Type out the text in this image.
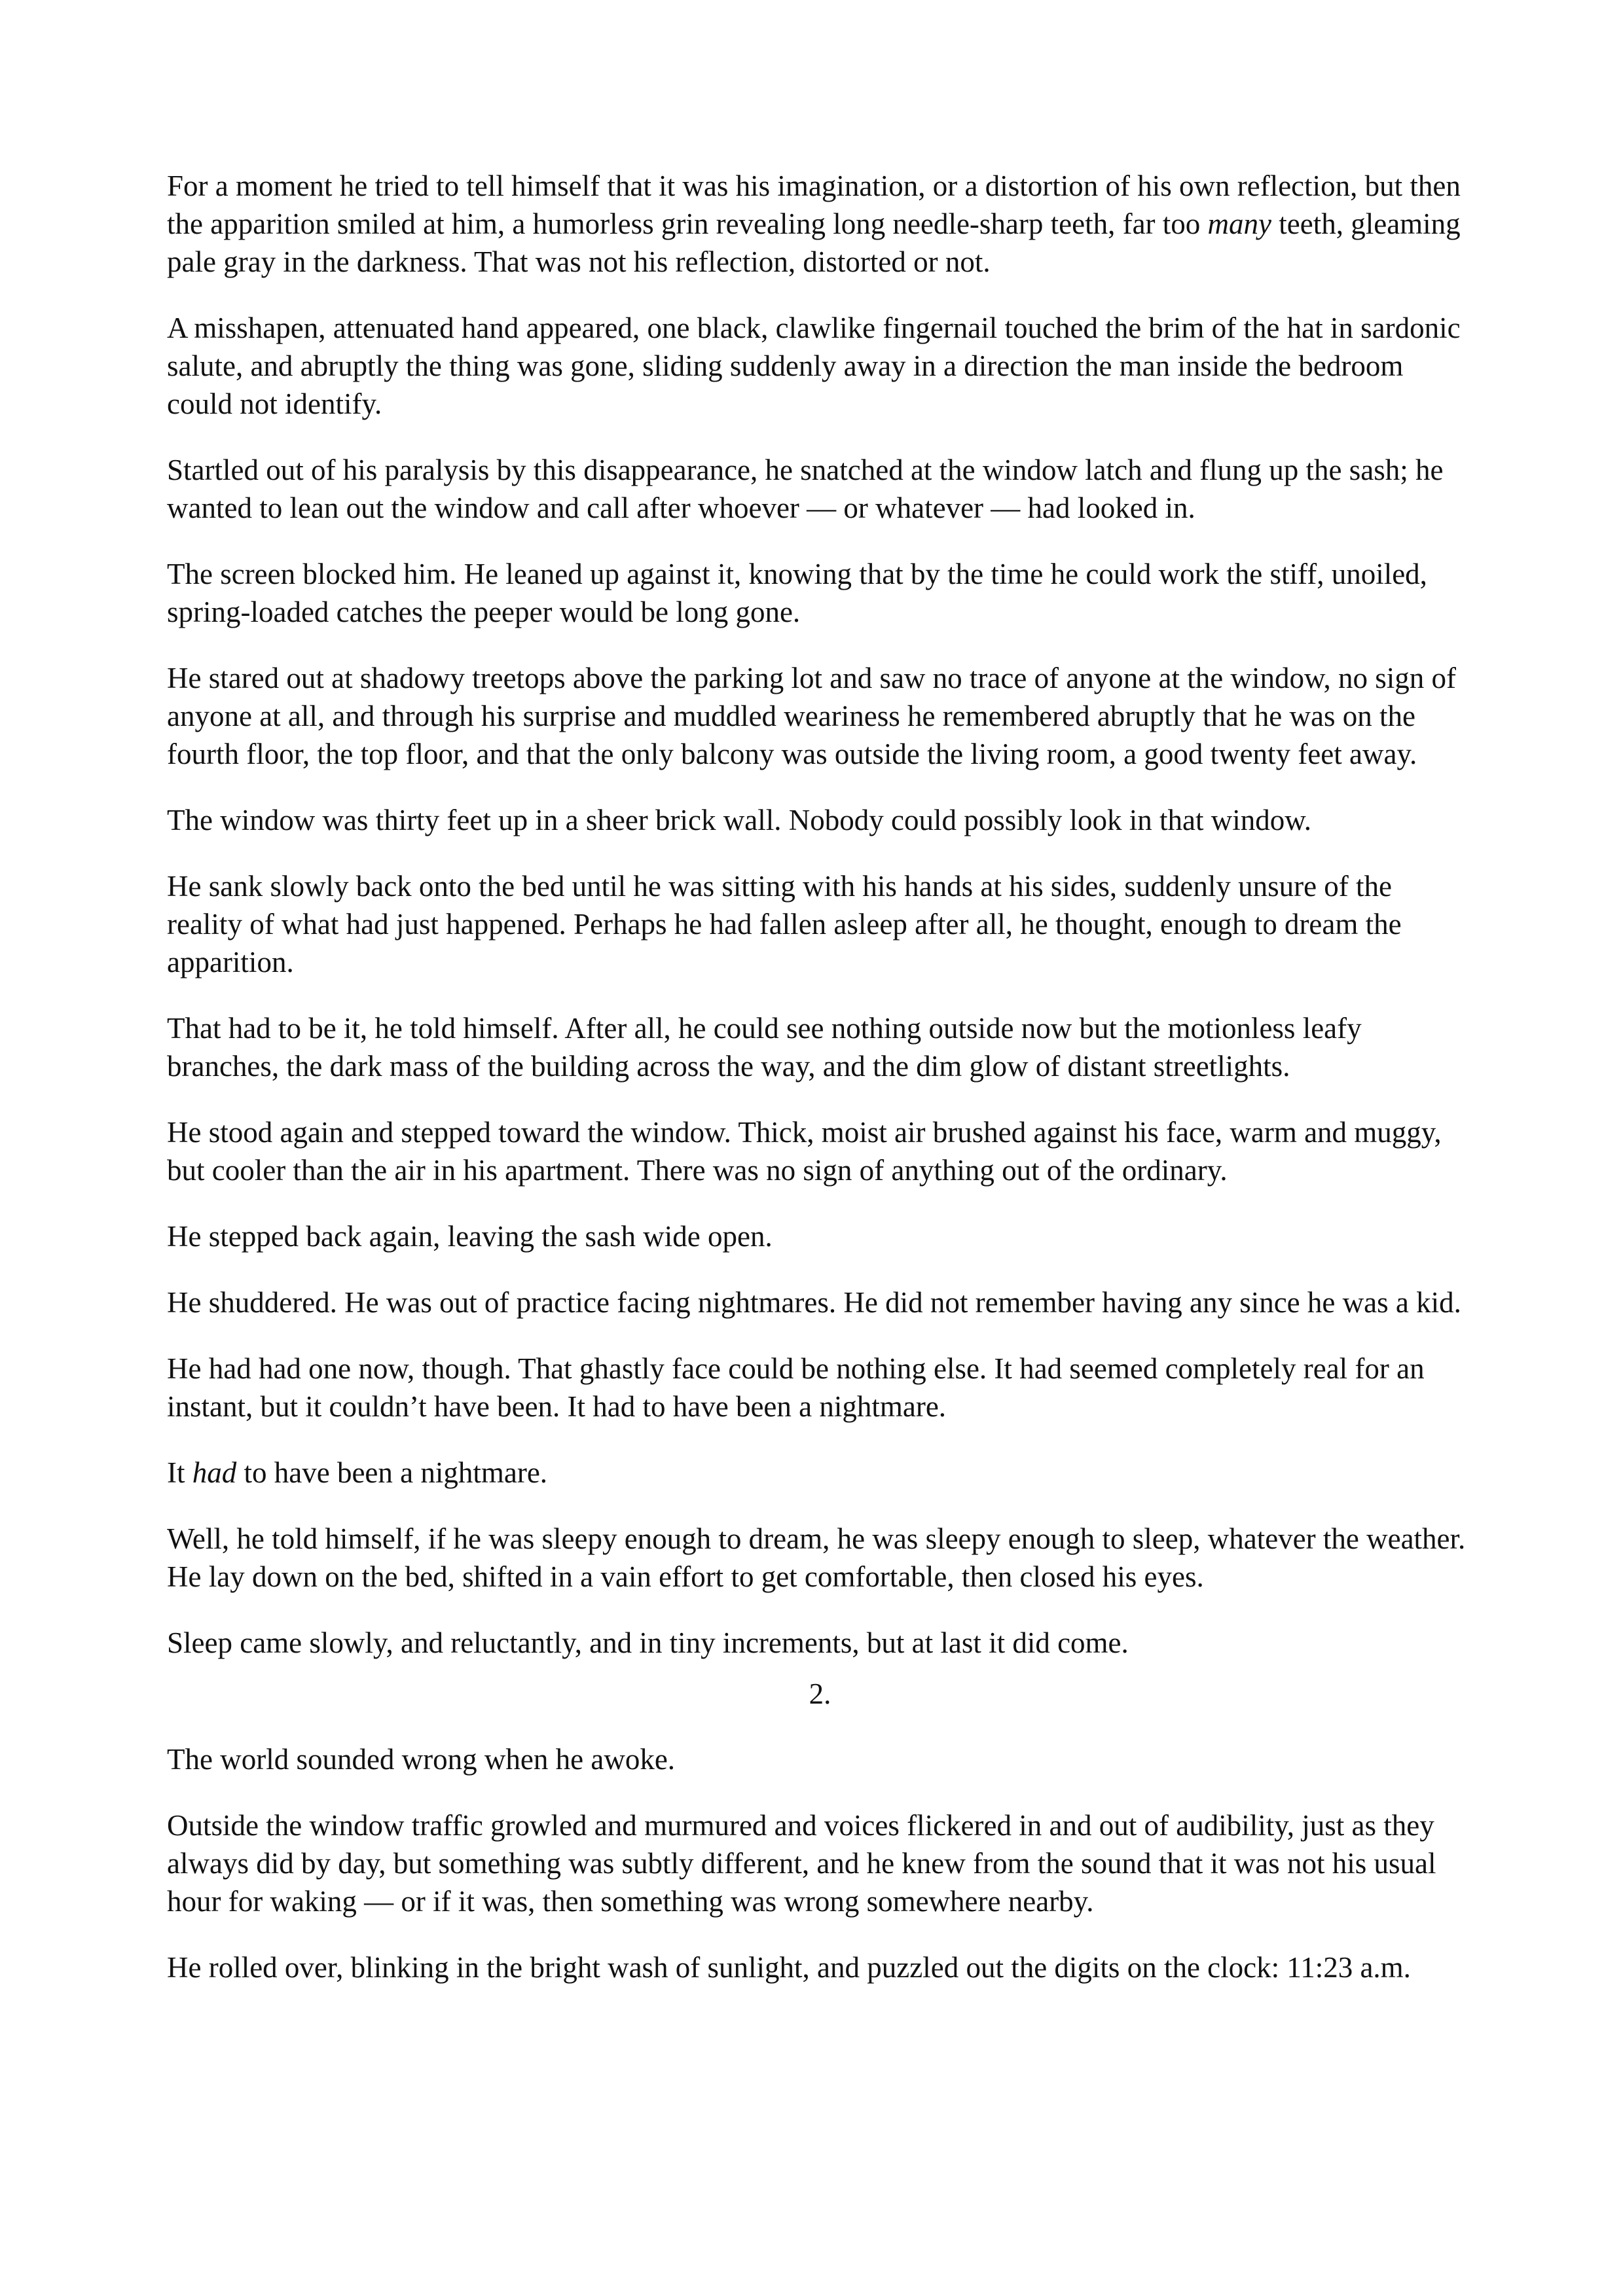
For a moment he tried to tell himself that it was his imagination, or a distortion of his own reflection, but then the apparition smiled at him, a humorless grin revealing long needle-sharp teeth, far too many teeth, gleaming pale gray in the darkness. That was not his reflection, distorted or not.

A misshapen, attenuated hand appeared, one black, clawlike fingernail touched the brim of the hat in sardonic salute, and abruptly the thing was gone, sliding suddenly away in a direction the man inside the bedroom could not identify.

Startled out of his paralysis by this disappearance, he snatched at the window latch and flung up the sash; he wanted to lean out the window and call after whoever — or whatever — had looked in.

The screen blocked him. He leaned up against it, knowing that by the time he could work the stiff, unoiled, spring-loaded catches the peeper would be long gone.

He stared out at shadowy treetops above the parking lot and saw no trace of anyone at the window, no sign of anyone at all, and through his surprise and muddled weariness he remembered abruptly that he was on the fourth floor, the top floor, and that the only balcony was outside the living room, a good twenty feet away.

The window was thirty feet up in a sheer brick wall. Nobody could possibly look in that window.

He sank slowly back onto the bed until he was sitting with his hands at his sides, suddenly unsure of the reality of what had just happened. Perhaps he had fallen asleep after all, he thought, enough to dream the apparition.

That had to be it, he told himself. After all, he could see nothing outside now but the motionless leafy branches, the dark mass of the building across the way, and the dim glow of distant streetlights.

He stood again and stepped toward the window. Thick, moist air brushed against his face, warm and muggy, but cooler than the air in his apartment. There was no sign of anything out of the ordinary.

He stepped back again, leaving the sash wide open.

He shuddered. He was out of practice facing nightmares. He did not remember having any since he was a kid.

He had had one now, though. That ghastly face could be nothing else. It had seemed completely real for an instant, but it couldn’t have been. It had to have been a nightmare.

It had to have been a nightmare.

Well, he told himself, if he was sleepy enough to dream, he was sleepy enough to sleep, whatever the weather. He lay down on the bed, shifted in a vain effort to get comfortable, then closed his eyes.

Sleep came slowly, and reluctantly, and in tiny increments, but at last it did come.

2.

The world sounded wrong when he awoke.

Outside the window traffic growled and murmured and voices flickered in and out of audibility, just as they always did by day, but something was subtly different, and he knew from the sound that it was not his usual hour for waking — or if it was, then something was wrong somewhere nearby.

He rolled over, blinking in the bright wash of sunlight, and puzzled out the digits on the clock: 11:23 a.m.
